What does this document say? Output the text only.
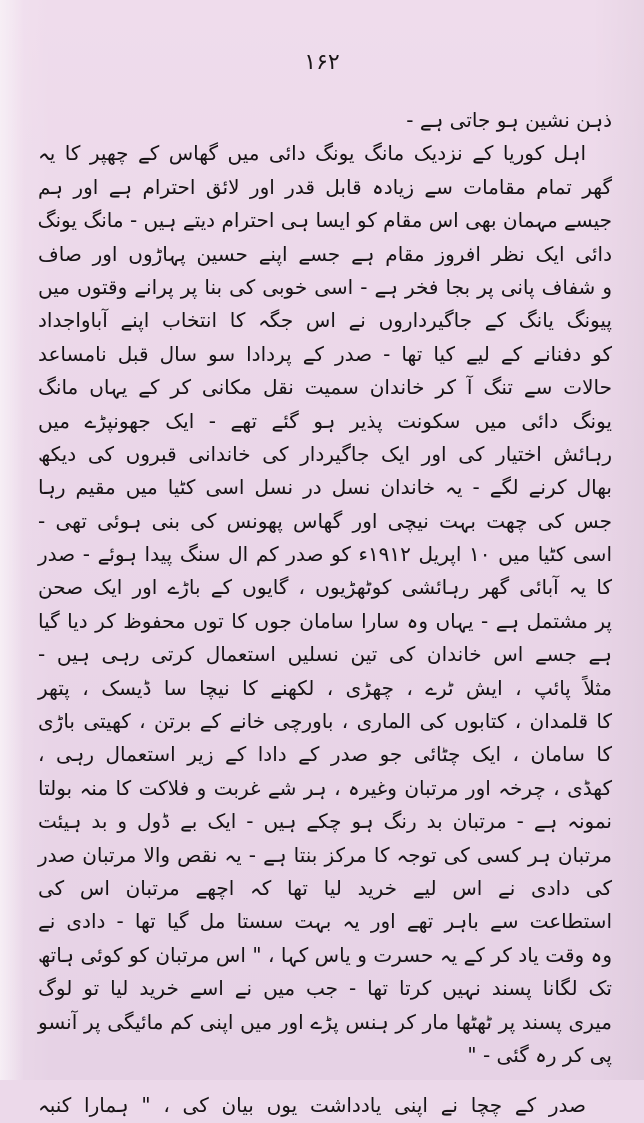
۱۶۲
ذہن نشین ہو جاتی ہے -
اہل کوریا کے نزدیک مانگ یونگ دائی میں گھاس کے چھپر کا یہ
گھر تمام مقامات سے زیادہ قابل قدر اور لائق احترام ہے اور ہم
جیسے مہمان بھی اس مقام کو ایسا ہی احترام دیتے ہیں - مانگ یونگ
دائی ایک نظر افروز مقام ہے جسے اپنے حسین پہاڑوں اور صاف
و شفاف پانی پر بجا فخر ہے - اسی خوبی کی بنا پر پرانے وقتوں میں
پیونگ یانگ کے جاگیرداروں نے اس جگہ کا انتخاب اپنے آباواجداد
کو دفنانے کے لیے کیا تھا - صدر کے پردادا سو سال قبل نامساعد
حالات سے تنگ آ کر خاندان سمیت نقل مکانی کر کے یہاں مانگ
یونگ دائی میں سکونت پذیر ہو گئے تھے - ایک جھونپڑے میں
رہائش اختیار کی اور ایک جاگیردار کی خاندانی قبروں کی دیکھ
بھال کرنے لگے - یہ خاندان نسل در نسل اسی کٹیا میں مقیم رہا
جس کی چھت بہت نیچی اور گھاس پھونس کی بنی ہوئی تھی -
اسی کٹیا میں ۱۰ اپریل ۱۹۱۲ء کو صدر کم ال سنگ پیدا ہوئے - صدر
کا یہ آبائی گھر رہائشی کوٹھڑیوں ، گایوں کے باڑے اور ایک صحن
پر مشتمل ہے - یہاں وہ سارا سامان جوں کا توں محفوظ کر دیا گیا
ہے جسے اس خاندان کی تین نسلیں استعمال کرتی رہی ہیں -
مثلاً پائپ ، ایش ٹرے ، چھڑی ، لکھنے کا نیچا سا ڈیسک ، پتھر
کا قلمدان ، کتابوں کی الماری ، باورچی خانے کے برتن ، کھیتی باڑی
کا سامان ، ایک چٹائی جو صدر کے دادا کے زیر استعمال رہی ،
کھڈی ، چرخہ اور مرتبان وغیرہ ، ہر شے غربت و فلاکت کا منہ بولتا
نمونہ ہے - مرتبان بد رنگ ہو چکے ہیں - ایک بے ڈول و بد ہیئت
مرتبان ہر کسی کی توجہ کا مرکز بنتا ہے - یہ نقص والا مرتبان صدر
کی دادی نے اس لیے خرید لیا تھا کہ اچھے مرتبان اس کی
استطاعت سے باہر تھے اور یہ بہت سستا مل گیا تھا - دادی نے
وہ وقت یاد کر کے یہ حسرت و یاس کہا ، " اس مرتبان کو کوئی ہاتھ
تک لگانا پسند نہیں کرتا تھا - جب میں نے اسے خرید لیا تو لوگ
میری پسند پر ٹھٹھا مار کر ہنس پڑے اور میں اپنی کم مائیگی پر آنسو
پی کر رہ گئی - "
صدر کے چچا نے اپنی یادداشت یوں بیان کی ، " ہمارا کنبہ
